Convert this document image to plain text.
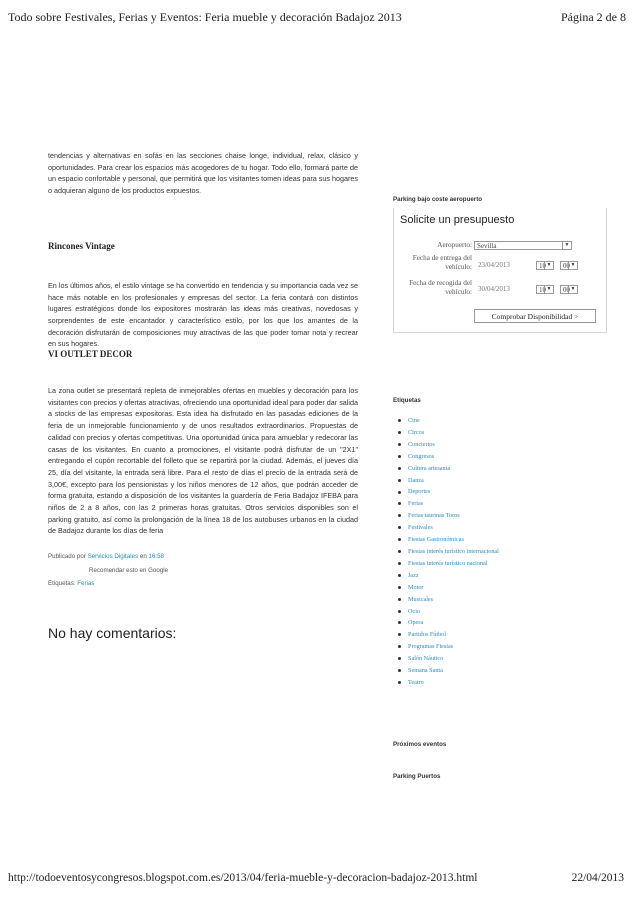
Todo sobre Festivales, Ferias y Eventos: Feria mueble y decoración Badajoz 2013	Página 2 de 8

tendencias y alternativas en sofás en las secciones chaise longe, individual, relax, clásico y oportunidades. Para crear los espacios más acogedores de tu hogar. Todo ello, formará parte de un espacio confortable y personal, que permitirá que los visitantes tomen ideas para sus hogares o adquieran alguno de los productos expuestos.

Rincones Vintage

En los últimos años, el estilo vintage se ha convertido en tendencia y su importancia cada vez se hace más notable en los profesionales y empresas del sector. La feria contará con distintos lugares estratégicos donde los expositores mostrarán las ideas más creativas, novedosas y sorprendentes de este encantador y característico estilo, por los que los amantes de la decoración disfrutarán de composiciones muy atractivas de las que poder tomar nota y recrear en sus hogares.

VI OUTLET DECOR

La zona outlet se presentará repleta de inmejorables ofertas en muebles y decoración para los visitantes con precios y ofertas atractivas, ofreciendo una oportunidad ideal para poder dar salida a stocks de las empresas expositoras. Esta idea ha disfrutado en las pasadas ediciones de la feria de un inmejorable funcionamiento y de unos resultados extraordinarios. Propuestas de calidad con precios y ofertas competitivas. Una oportunidad única para amueblar y redecorar las casas de los visitantes. En cuanto a promociones, el visitante podrá disfrutar de un "2X1" entregando el cupón recortable del folleto que se repartirá por la ciudad. Además, el jueves día 25, día del visitante, la entrada será libre. Para el resto de días el precio de la entrada será de 3,00€, excepto para los pensionistas y los niños menores de 12 años, que podrán acceder de forma gratuita, estando a disposición de los visitantes la guardería de Feria Badajoz IFEBA para niños de 2 a 8 años, con las 2 primeras horas gratuitas. Otros servicios disponibles son el parking gratuito, así como la prolongación de la línea 18 de los autobuses urbanos en la ciudad de Badajoz durante los días de feria

Publicado por Servicios Digitales en 16:58
Recomendar esto en Google
Etiquetas: Ferias
No hay comentarios:
Parking bajo coste aeropuerto
Solicite un presupuesto
Aeropuerto: Sevilla	▼
Fecha de entrega del vehículo: 23/04/2013	10 ▼	00 ▼
Fecha de recogida del vehículo: 30/04/2013	10 ▼	00 ▼
Comprobar Disponibilidad >
Etiquetas
Cine
Circos
Conciertos
Congresos
Cultura artesania
Danza
Deportes
Ferias
Ferias taurinas Toros
Festivales
Fiestas Gastronómicas
Fiestas interés turístico internacional
Fiestas interés turístico nacional
Jazz
Motor
Musicales
Ocio
Opera
Partidos Fútbol
Programas Fiestas
Salón Náutico
Semana Santa
Teatro
Próximos eventos
Parking Puertos
http://todoeventosycongresos.blogspot.com.es/2013/04/feria-mueble-y-decoracion-badajoz-2013.html	22/04/2013
